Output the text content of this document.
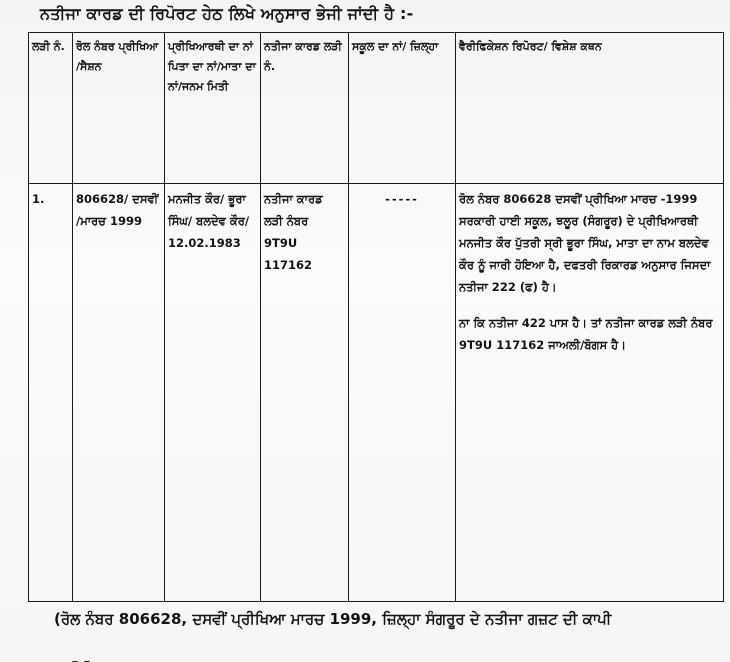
ਨਤੀਜਾ ਕਾਰਡ ਦੀ ਰਿਪੋਰਟ ਹੇਠ ਲਿਖੇ ਅਨੁਸਾਰ ਭੇਜੀ ਜਾਂਦੀ ਹੈ :-
ਲੜੀ ਨੰ.	ਰੋਲ ਨੰਬਰ ਪ੍ਰੀਖਿਆ /ਸੈਸ਼ਨ	ਪ੍ਰੀਖਿਆਰਥੀ ਦਾ ਨਾਂ ਪਿਤਾ ਦਾ ਨਾਂ/ਮਾਤਾ ਦਾ ਨਾਂ/ਜਨਮ ਮਿਤੀ	ਨਤੀਜਾ ਕਾਰਡ ਲੜੀ ਨੰ.	ਸਕੂਲ ਦਾ ਨਾਂ/ ਜ਼ਿਲ੍ਹਾ	ਵੈਰੀਫਿਕੇਸ਼ਨ ਰਿਪੋਰਟ/ ਵਿਸ਼ੇਸ਼ ਕਥਨ
1.	806628/ ਦਸਵੀਂ /ਮਾਰਚ 1999	ਮਨਜੀਤ ਕੌਰ/ ਭੂਰਾ ਸਿੰਘ/ ਬਲਦੇਵ ਕੌਰ/ 12.02.1983	ਨਤੀਜਾ ਕਾਰਡ ਲੜੀ ਨੰਬਰ 9T9U 117162	-----	ਰੋਲ ਨੰਬਰ 806628 ਦਸਵੀਂ ਪ੍ਰੀਖਿਆ ਮਾਰਚ -1999 ਸਰਕਾਰੀ ਹਾਈ ਸਕੂਲ, ਝਲੂਰ (ਸੰਗਰੂਰ) ਦੇ ਪ੍ਰੀਖਿਆਰਥੀ ਮਨਜੀਤ ਕੌਰ ਪੁੱਤਰੀ ਸ੍ਰੀ ਭੂਰਾ ਸਿੰਘ, ਮਾਤਾ ਦਾ ਨਾਮ ਬਲਦੇਵ ਕੌਰ ਨੂੰ ਜਾਰੀ ਹੋਇਆ ਹੈ, ਦਫਤਰੀ ਰਿਕਾਰਡ ਅਨੁਸਾਰ ਜਿਸਦਾ ਨਤੀਜਾ 222 (ਫ) ਹੈ।
ਨਾ ਕਿ ਨਤੀਜਾ 422 ਪਾਸ ਹੈ। ਤਾਂ ਨਤੀਜਾ ਕਾਰਡ ਲੜੀ ਨੰਬਰ 9T9U 117162 ਜਾਅਲੀ/ਬੋਗਸ ਹੈ।
(ਰੋਲ ਨੰਬਰ 806628, ਦਸਵੀਂ ਪ੍ਰੀਖਿਆ ਮਾਰਚ 1999, ਜ਼ਿਲ੍ਹਾ ਸੰਗਰੂਰ ਦੇ ਨਤੀਜਾ ਗਜ਼ਟ ਦੀ ਕਾਪੀ
